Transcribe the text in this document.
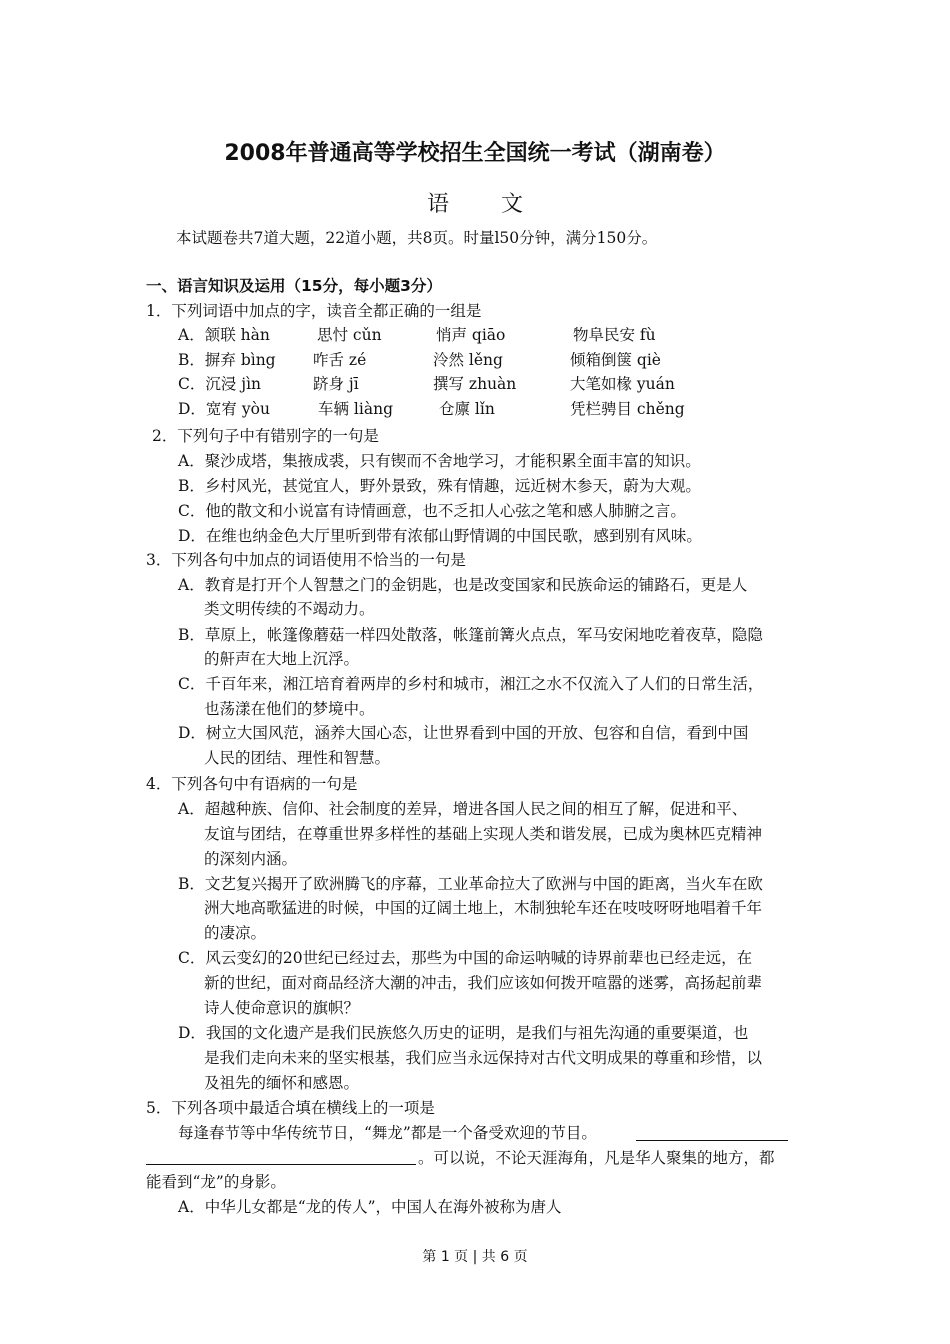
2008年普通高等学校招生全国统一考试（湖南卷）
语文
本试题卷共7道大题，22道小题，共8页。时量l50分钟，满分150分。
一、语言知识及运用（15分，每小题3分）
1．下列词语中加点的字，读音全都正确的一组是
A．颔联 hàn	思忖 cǔn	悄声 qiāo	物阜民安 fù
B．摒弃 bìng 咋舌 zé	泠然 lěng	倾箱倒箧 qiè
C．沉浸 jìn	跻身 jī	撰写 zhuàn	大笔如椽 yuán
D．宽宥 yòu	车辆 liàng	仓廪 lǐn	凭栏骋目 chěng
2．下列句子中有错别字的一句是
A．聚沙成塔，集掖成裘，只有锲而不舍地学习，才能积累全面丰富的知识。
B．乡村风光，甚觉宜人，野外景致，殊有情趣，远近树木参天，蔚为大观。
C．他的散文和小说富有诗情画意，也不乏扣人心弦之笔和感人肺腑之言。
D．在维也纳金色大厅里听到带有浓郁山野情调的中国民歌，感到别有风味。
3．下列各句中加点的词语使用不恰当的一句是
A．教育是打开个人智慧之门的金钥匙，也是改变国家和民族命运的铺路石，更是人
类文明传续的不竭动力。
B．草原上，帐篷像蘑菇一样四处散落，帐篷前篝火点点，军马安闲地吃着夜草，隐隐
的鼾声在大地上沉浮。
C．千百年来，湘江培育着两岸的乡村和城市，湘江之水不仅流入了人们的日常生活，
也荡漾在他们的梦境中。
D．树立大国风范，涵养大国心态，让世界看到中国的开放、包容和自信，看到中国
人民的团结、理性和智慧。
4．下列各句中有语病的一句是
A．超越种族、信仰、社会制度的差异，增进各国人民之间的相互了解，促进和平、
友谊与团结，在尊重世界多样性的基础上实现人类和谐发展，已成为奥林匹克精神
的深刻内涵。
B．文艺复兴揭开了欧洲腾飞的序幕，工业革命拉大了欧洲与中国的距离，当火车在欧
洲大地高歌猛进的时候，中国的辽阔土地上，木制独轮车还在吱吱呀呀地唱着千年
的凄凉。
C．风云变幻的20世纪已经过去，那些为中国的命运呐喊的诗界前辈也已经走远，在
新的世纪，面对商品经济大潮的冲击，我们应该如何拨开喧嚣的迷雾，高扬起前辈
诗人使命意识的旗帜？
D．我国的文化遗产是我们民族悠久历史的证明，是我们与祖先沟通的重要渠道，也
是我们走向未来的坚实根基，我们应当永远保持对古代文明成果的尊重和珍惜，以
及祖先的缅怀和感恩。
5．下列各项中最适合填在横线上的一项是
每逢春节等中华传统节日，“舞龙”都是一个备受欢迎的节目。
。可以说，不论天涯海角，凡是华人聚集的地方，都
能看到“龙”的身影。
A．中华儿女都是“龙的传人”，中国人在海外被称为唐人
第 1 页 | 共 6 页
